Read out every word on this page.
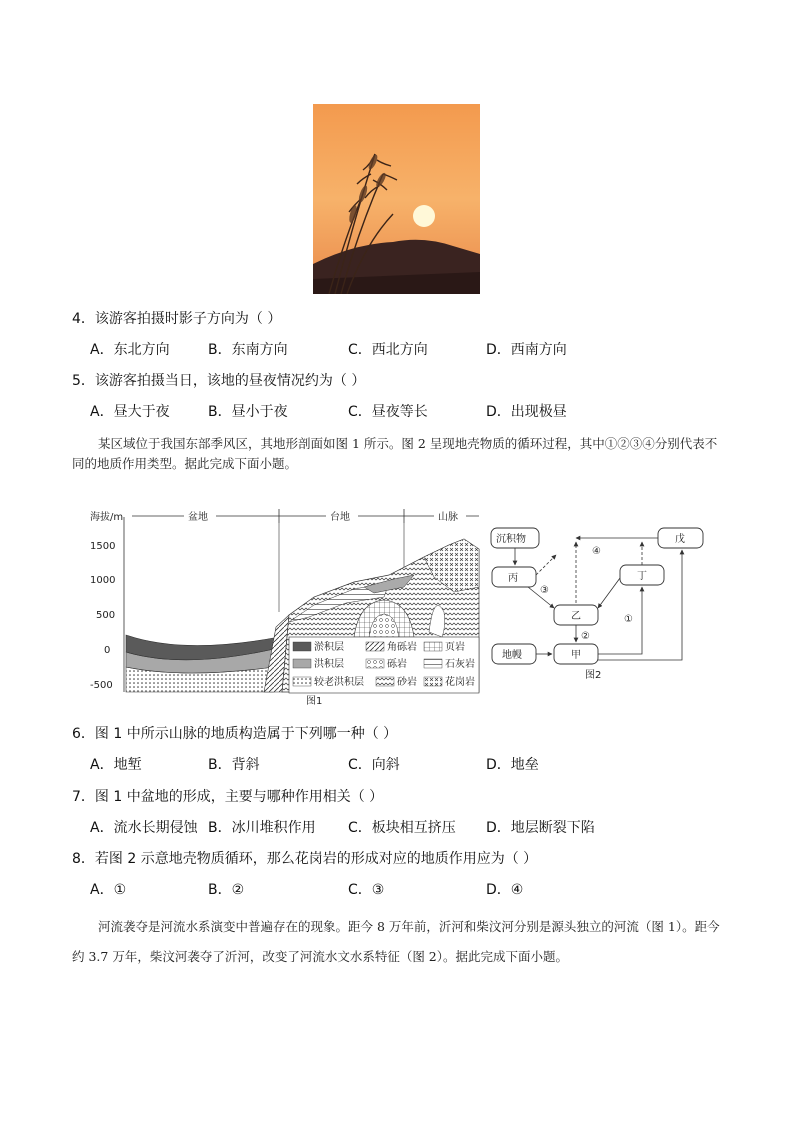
4．该游客拍摄时影子方向为（ ）
A．东北方向	B．东南方向	C．西北方向	D．西南方向
5．该游客拍摄当日，该地的昼夜情况约为（ ）
A．昼大于夜	B．昼小于夜	C．昼夜等长	D．出现极昼
某区域位于我国东部季风区，其地形剖面如图 1 所示。图 2 呈现地壳物质的循环过程，其中①②③④分别代表不同的地质作用类型。据此完成下面小题。
海拔/m
1500
1000
500
0
-500
盆地	台地	山脉
淤积层	角砾岩	页岩
洪积层	砾岩	石灰岩
较老洪积层	砂岩	花岗岩
图1
沉积物	戊
丙	丁
乙
地幔	甲
④
③
②
①
图2
6．图 1 中所示山脉的地质构造属于下列哪一种（ ）
A．地堑	B．背斜	C．向斜	D．地垒
7．图 1 中盆地的形成，主要与哪种作用相关（ ）
A．流水长期侵蚀 B．冰川堆积作用 C．板块相互挤压 D．地层断裂下陷
8．若图 2 示意地壳物质循环，那么花岗岩的形成对应的地质作用应为（ ）
A．①	B．②	C．③	D．④
河流袭夺是河流水系演变中普遍存在的现象。距今 8 万年前，沂河和柴汶河分别是源头独立的河流（图 1）。距今约 3.7 万年，柴汶河袭夺了沂河，改变了河流水文水系特征（图 2）。据此完成下面小题。
